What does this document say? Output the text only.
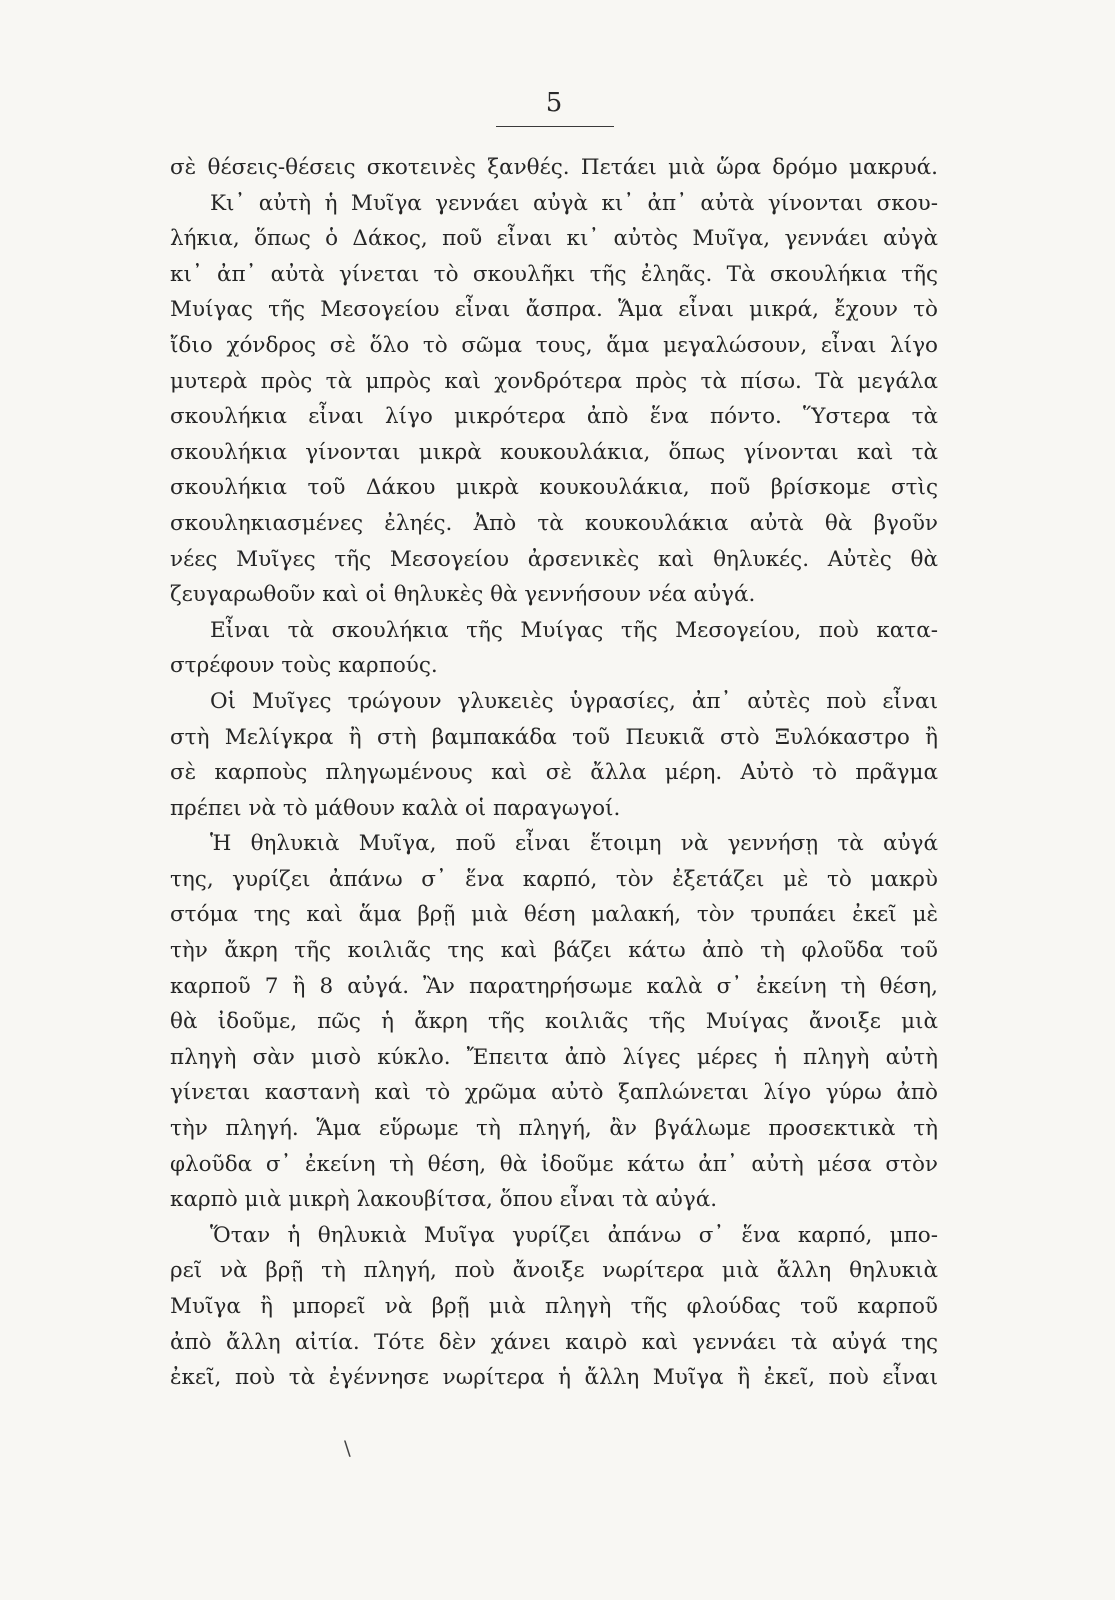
5
σὲ θέσεις-θέσεις σκοτεινὲς ξανθές. Πετάει μιὰ ὥρα δρόμο μακρυά.
Κι᾽ αὐτὴ ἡ Μυῖγα γεννάει αὐγὰ κι᾽ ἀπ᾽ αὐτὰ γίνονται σκου-
λήκια, ὅπως ὁ Δάκος, ποῦ εἶναι κι᾽ αὐτὸς Μυῖγα, γεννάει αὐγὰ
κι᾽ ἀπ᾽ αὐτὰ γίνεται τὸ σκουλῆκι τῆς ἐληᾶς. Τὰ σκουλήκια τῆς
Μυίγας τῆς Μεσογείου εἶναι ἄσπρα. Ἅμα εἶναι μικρά, ἔχουν τὸ
ἴδιο χόνδρος σὲ ὅλο τὸ σῶμα τους, ἅμα μεγαλώσουν, εἶναι λίγο
μυτερὰ πρὸς τὰ μπρὸς καὶ χονδρότερα πρὸς τὰ πίσω. Τὰ μεγάλα
σκουλήκια εἶναι λίγο μικρότερα ἀπὸ ἕνα πόντο. Ὕστερα τὰ
σκουλήκια γίνονται μικρὰ κουκουλάκια, ὅπως γίνονται καὶ τὰ
σκουλήκια τοῦ Δάκου μικρὰ κουκουλάκια, ποῦ βρίσκομε στὶς
σκουληκιασμένες ἐληές. Ἀπὸ τὰ κουκουλάκια αὐτὰ θὰ βγοῦν
νέες Μυῖγες τῆς Μεσογείου ἀρσενικὲς καὶ θηλυκές. Αὐτὲς θὰ
ζευγαρωθοῦν καὶ οἱ θηλυκὲς θὰ γεννήσουν νέα αὐγά.
Εἶναι τὰ σκουλήκια τῆς Μυίγας τῆς Μεσογείου, ποὺ κατα-
στρέφουν τοὺς καρπούς.
Οἱ Μυῖγες τρώγουν γλυκειὲς ὑγρασίες, ἀπ᾽ αὐτὲς ποὺ εἶναι
στὴ Μελίγκρα ἢ στὴ βαμπακάδα τοῦ Πευκιᾶ στὸ Ξυλόκαστρο ἢ
σὲ καρποὺς πληγωμένους καὶ σὲ ἄλλα μέρη. Αὐτὸ τὸ πρᾶγμα
πρέπει νὰ τὸ μάθουν καλὰ οἱ παραγωγοί.
Ἡ θηλυκιὰ Μυῖγα, ποῦ εἶναι ἕτοιμη νὰ γεννήσῃ τὰ αὐγά
της, γυρίζει ἀπάνω σ᾽ ἕνα καρπό, τὸν ἐξετάζει μὲ τὸ μακρὺ
στόμα της καὶ ἅμα βρῇ μιὰ θέση μαλακή, τὸν τρυπάει ἐκεῖ μὲ
τὴν ἄκρη τῆς κοιλιᾶς της καὶ βάζει κάτω ἀπὸ τὴ φλοῦδα τοῦ
καρποῦ 7 ἢ 8 αὐγά. Ἂν παρατηρήσωμε καλὰ σ᾽ ἐκείνη τὴ θέση,
θὰ ἰδοῦμε, πῶς ἡ ἄκρη τῆς κοιλιᾶς τῆς Μυίγας ἄνοιξε μιὰ
πληγὴ σὰν μισὸ κύκλο. Ἔπειτα ἀπὸ λίγες μέρες ἡ πληγὴ αὐτὴ
γίνεται καστανὴ καὶ τὸ χρῶμα αὐτὸ ξαπλώνεται λίγο γύρω ἀπὸ
τὴν πληγή. Ἅμα εὕρωμε τὴ πληγή, ἂν βγάλωμε προσεκτικὰ τὴ
φλοῦδα σ᾽ ἐκείνη τὴ θέση, θὰ ἰδοῦμε κάτω ἀπ᾽ αὐτὴ μέσα στὸν
καρπὸ μιὰ μικρὴ λακουβίτσα, ὅπου εἶναι τὰ αὐγά.
Ὅταν ἡ θηλυκιὰ Μυῖγα γυρίζει ἀπάνω σ᾽ ἕνα καρπό, μπο-
ρεῖ νὰ βρῇ τὴ πληγή, ποὺ ἄνοιξε νωρίτερα μιὰ ἄλλη θηλυκιὰ
Μυῖγα ἢ μπορεῖ νὰ βρῇ μιὰ πληγὴ τῆς φλούδας τοῦ καρποῦ
ἀπὸ ἄλλη αἰτία. Τότε δὲν χάνει καιρὸ καὶ γεννάει τὰ αὐγά της
ἐκεῖ, ποὺ τὰ ἐγέννησε νωρίτερα ἡ ἄλλη Μυῖγα ἢ ἐκεῖ, ποὺ εἶναι
\
